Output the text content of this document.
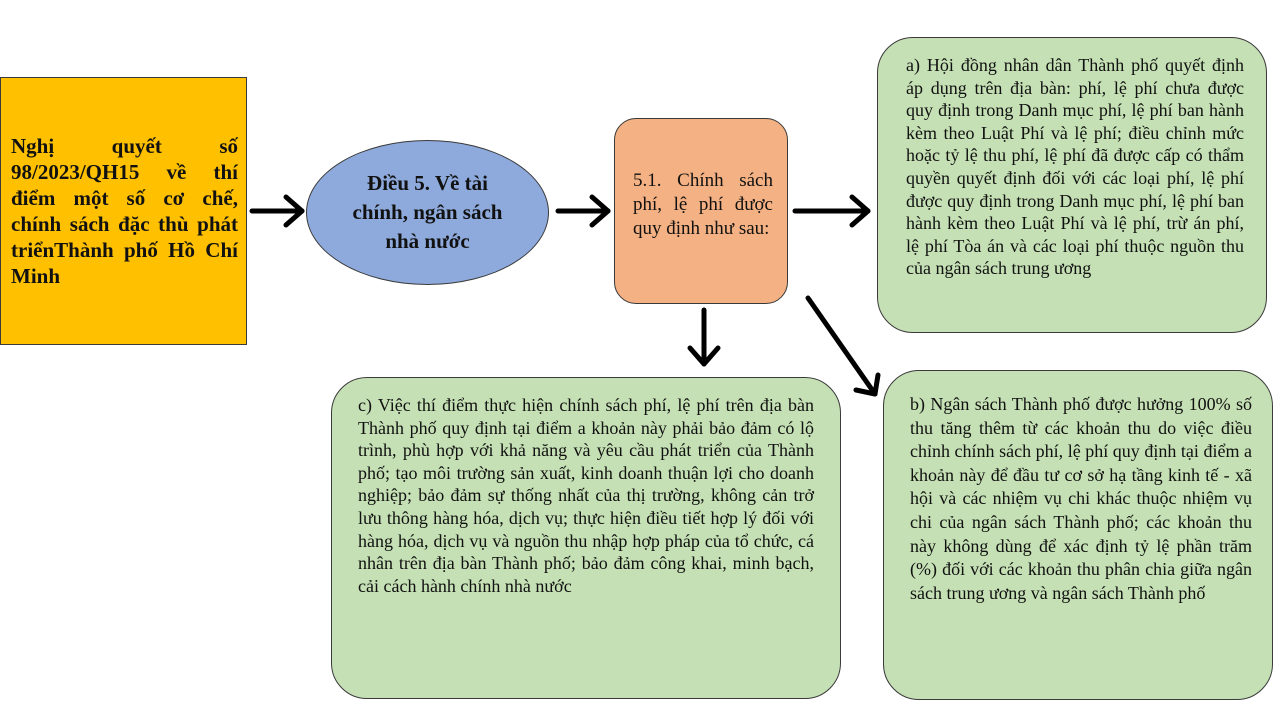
Nghị quyết số 98/2023/QH15 về thí điểm một số cơ chế, chính sách đặc thù phát triểnThành phố Hồ Chí Minh
Điều 5. Về tài chính, ngân sách nhà nước
5.1. Chính sách phí, lệ phí được quy định như sau:
a) Hội đồng nhân dân Thành phố quyết định áp dụng trên địa bàn: phí, lệ phí chưa được quy định trong Danh mục phí, lệ phí ban hành kèm theo Luật Phí và lệ phí; điều chỉnh mức hoặc tỷ lệ thu phí, lệ phí đã được cấp có thẩm quyền quyết định đối với các loại phí, lệ phí được quy định trong Danh mục phí, lệ phí ban hành kèm theo Luật Phí và lệ phí, trừ án phí, lệ phí Tòa án và các loại phí thuộc nguồn thu của ngân sách trung ương
b) Ngân sách Thành phố được hưởng 100% số thu tăng thêm từ các khoản thu do việc điều chỉnh chính sách phí, lệ phí quy định tại điểm a khoản này để đầu tư cơ sở hạ tầng kinh tế - xã hội và các nhiệm vụ chi khác thuộc nhiệm vụ chi của ngân sách Thành phố; các khoản thu này không dùng để xác định tỷ lệ phần trăm (%) đối với các khoản thu phân chia giữa ngân sách trung ương và ngân sách Thành phố
c) Việc thí điểm thực hiện chính sách phí, lệ phí trên địa bàn Thành phố quy định tại điểm a khoản này phải bảo đảm có lộ trình, phù hợp với khả năng và yêu cầu phát triển của Thành phố; tạo môi trường sản xuất, kinh doanh thuận lợi cho doanh nghiệp; bảo đảm sự thống nhất của thị trường, không cản trở lưu thông hàng hóa, dịch vụ; thực hiện điều tiết hợp lý đối với hàng hóa, dịch vụ và nguồn thu nhập hợp pháp của tổ chức, cá nhân trên địa bàn Thành phố; bảo đảm công khai, minh bạch, cải cách hành chính nhà nước
